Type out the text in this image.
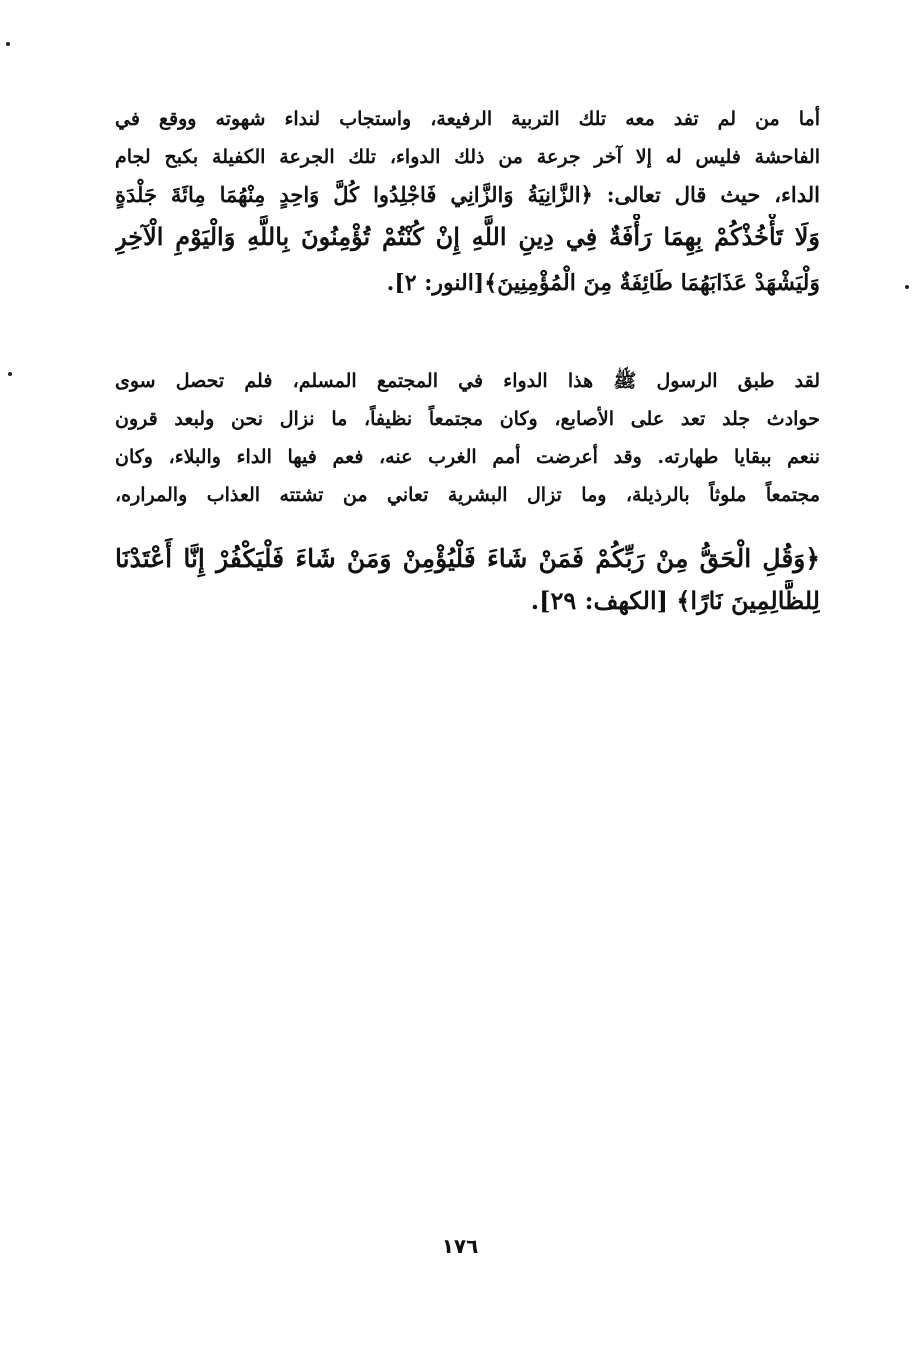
أما من لم تفد معه تلك التربية الرفيعة، واستجاب لنداء شهوته ووقع في
الفاحشة فليس له إلا آخر جرعة من ذلك الدواء، تلك الجرعة الكفيلة بكبح لجام
الداء، حيث قال تعالى: ﴿الزَّانِيَةُ وَالزَّانِي فَاجْلِدُوا كُلَّ وَاحِدٍ مِنْهُمَا مِائَةَ جَلْدَةٍ
وَلَا تَأْخُذْكُمْ بِهِمَا رَأْفَةٌ فِي دِينِ اللَّهِ إِنْ كُنْتُمْ تُؤْمِنُونَ بِاللَّهِ وَالْيَوْمِ الْآخِرِ
وَلْيَشْهَدْ عَذَابَهُمَا طَائِفَةٌ مِنَ الْمُؤْمِنِينَ﴾[النور: ٢].
لقد طبق الرسول ﷺ هذا الدواء في المجتمع المسلم، فلم تحصل سوى
حوادث جلد تعد على الأصابع، وكان مجتمعاً نظيفاً، ما نزال نحن ولبعد قرون
ننعم ببقايا طهارته. وقد أعرضت أمم الغرب عنه، فعم فيها الداء والبلاء، وكان
مجتمعاً ملوثاً بالرذيلة، وما تزال البشرية تعاني من تشتته العذاب والمراره،
﴿وَقُلِ الْحَقُّ مِنْ رَبِّكُمْ فَمَنْ شَاءَ فَلْيُؤْمِنْ وَمَنْ شَاءَ فَلْيَكْفُرْ إِنَّا أَعْتَدْنَا
لِلظَّالِمِينَ نَارًا﴾ [الكهف: ٢٩].
١٧٦
